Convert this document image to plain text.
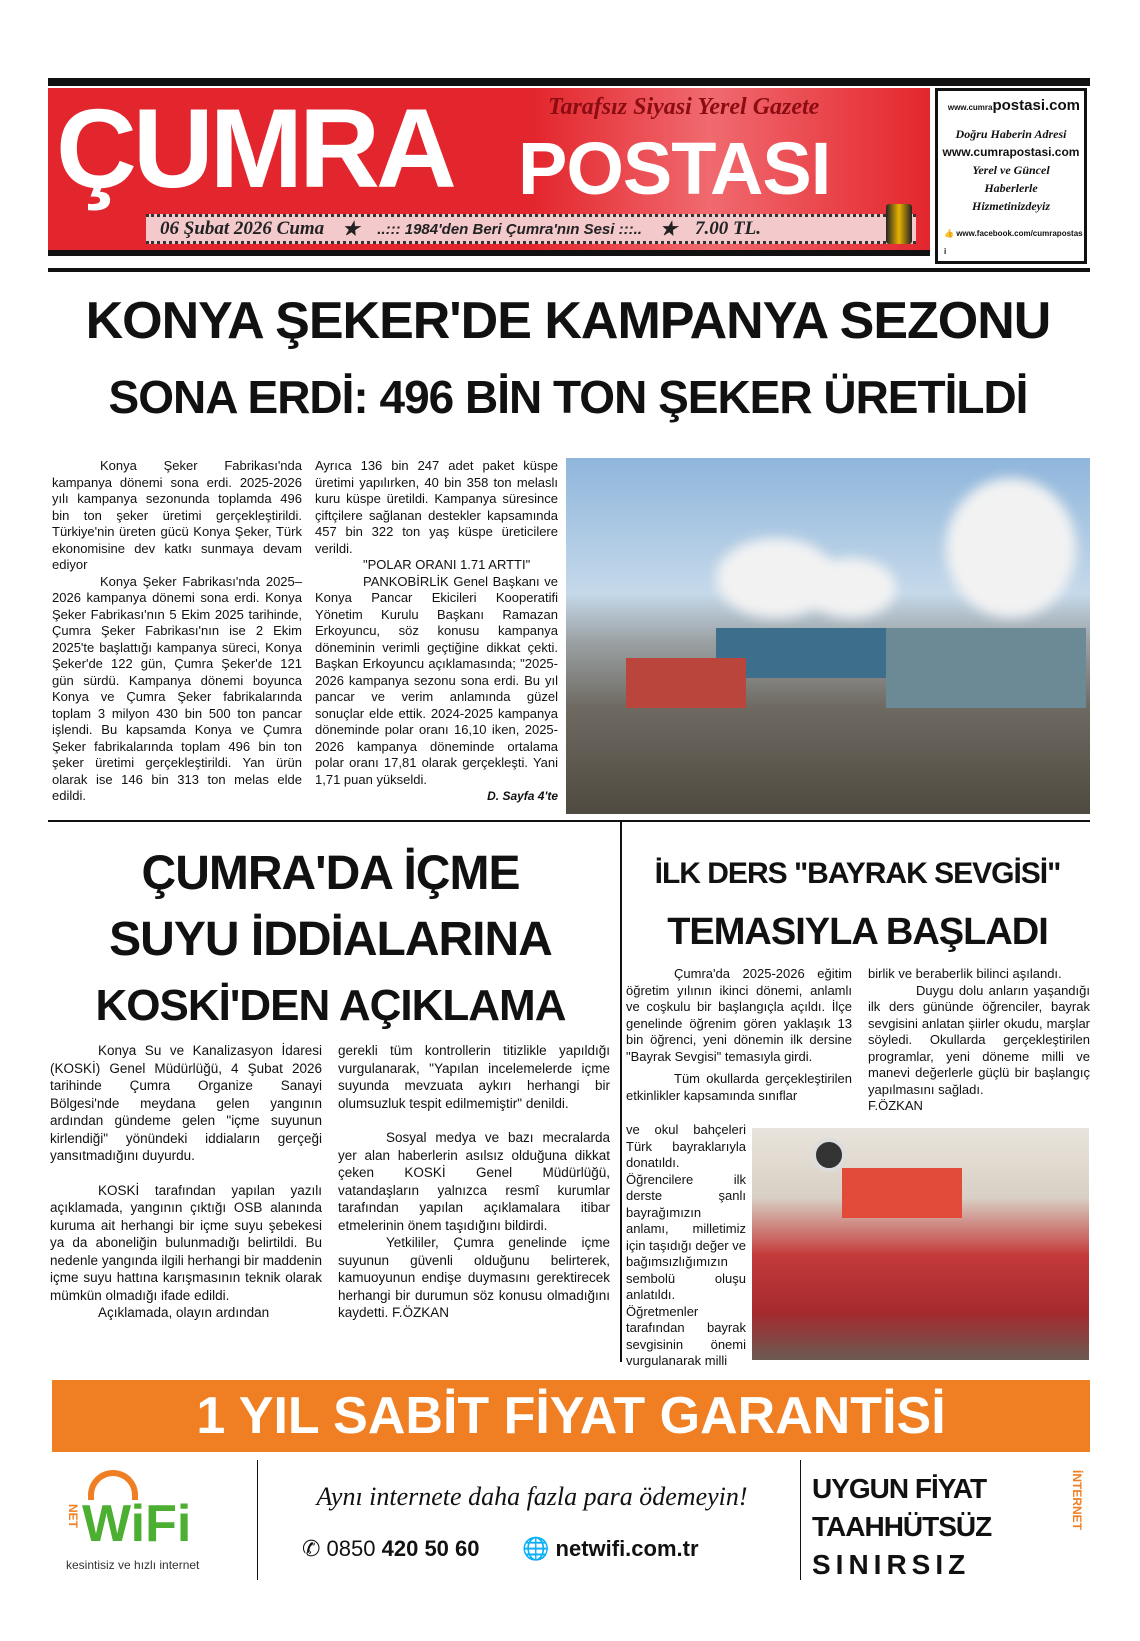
ÇUMRA	Tarafsız Siyasi Yerel Gazete
POSTASI
06 Şubat 2026 Cuma ★ ..::: 1984'den Beri Çumra'nın Sesi :::.. ★ 7.00 TL.
www.cumrapostasi.com
Doğru Haberin Adresi
www.cumrapostasi.com
Yerel ve Güncel
Haberlerle
Hizmetinizdeyiz
👍 www.facebook.com/cumrapostasi
KONYA ŞEKER'DE KAMPANYA SEZONU
SONA ERDİ: 496 BİN TON ŞEKER ÜRETİLDİ

Konya Şeker Fabrikası'nda kampanya dönemi sona erdi. 2025-2026 yılı kampanya sezonunda toplamda 496 bin ton şeker üretimi gerçekleştirildi. Türkiye'nin üreten gücü Konya Şeker, Türk ekonomisine dev katkı sunmaya devam ediyor

Konya Şeker Fabrikası'nda 2025–2026 kampanya dönemi sona erdi. Konya Şeker Fabrikası'nın 5 Ekim 2025 tarihinde, Çumra Şeker Fabrikası'nın ise 2 Ekim 2025'te başlattığı kampanya süreci, Konya Şeker'de 122 gün, Çumra Şeker'de 121 gün sürdü. Kampanya dönemi boyunca Konya ve Çumra Şeker fabrikalarında toplam 3 milyon 430 bin 500 ton pancar işlendi. Bu kapsamda Konya ve Çumra Şeker fabrikalarında toplam 496 bin ton şeker üretimi gerçekleştirildi. Yan ürün olarak ise 146 bin 313 ton melas elde edildi.

Ayrıca 136 bin 247 adet paket küspe üretimi yapılırken, 40 bin 358 ton melaslı kuru küspe üretildi. Kampanya süresince çiftçilere sağlanan destekler kapsamında 457 bin 322 ton yaş küspe üreticilere verildi.

"POLAR ORANI 1.71 ARTTI"

PANKOBİRLİK Genel Başkanı ve Konya Pancar Ekicileri Kooperatifi Yönetim Kurulu Başkanı Ramazan Erkoyuncu, söz konusu kampanya döneminin verimli geçtiğine dikkat çekti. Başkan Erkoyuncu açıklamasında; "2025-2026 kampanya sezonu sona erdi. Bu yıl pancar ve verim anlamında güzel sonuçlar elde ettik. 2024-2025 kampanya döneminde polar oranı 16,10 iken, 2025-2026 kampanya döneminde ortalama polar oranı 17,81 olarak gerçekleşti. Yani 1,71 puan yükseldi.

D. Sayfa 4'te

ÇUMRA'DA İÇME
SUYU İDDİALARINA
KOSKİ'DEN AÇIKLAMA

Konya Su ve Kanalizasyon İdaresi (KOSKİ) Genel Müdürlüğü, 4 Şubat 2026 tarihinde Çumra Organize Sanayi Bölgesi'nde meydana gelen yangının ardından gündeme gelen "içme suyunun kirlendiği" yönündeki iddiaların gerçeği yansıtmadığını duyurdu.

KOSKİ tarafından yapılan yazılı açıklamada, yangının çıktığı OSB alanında kuruma ait herhangi bir içme suyu şebekesi ya da aboneliğin bulunmadığı belirtildi. Bu nedenle yangında ilgili herhangi bir maddenin içme suyu hattına karışmasının teknik olarak mümkün olmadığı ifade edildi.

Açıklamada, olayın ardından

gerekli tüm kontrollerin titizlikle yapıldığı vurgulanarak, "Yapılan incelemelerde içme suyunda mevzuata aykırı herhangi bir olumsuzluk tespit edilmemiştir" denildi.

Sosyal medya ve bazı mecralarda yer alan haberlerin asılsız olduğuna dikkat çeken KOSKİ Genel Müdürlüğü, vatandaşların yalnızca resmî kurumlar tarafından yapılan açıklamalara itibar etmelerinin önem taşıdığını bildirdi.

Yetkililer, Çumra genelinde içme suyunun güvenli olduğunu belirterek, kamuoyunun endişe duymasını gerektirecek herhangi bir durumun söz konusu olmadığını kaydetti. F.ÖZKAN

İLK DERS "BAYRAK SEVGİSİ"
TEMASIYLA BAŞLADI

Çumra'da 2025-2026 eğitim öğretim yılının ikinci dönemi, anlamlı ve coşkulu bir başlangıçla açıldı. İlçe genelinde öğrenim gören yaklaşık 13 bin öğrenci, yeni dönemin ilk dersine "Bayrak Sevgisi" temasıyla girdi.

Tüm okullarda gerçekleştirilen etkinlikler kapsamında sınıflar

ve okul bahçeleri Türk bayraklarıyla donatıldı. Öğrencilere ilk derste şanlı bayrağımızın anlamı, milletimiz için taşıdığı değer ve bağımsızlığımızın sembolü oluşu anlatıldı. Öğretmenler tarafından bayrak sevgisinin önemi vurgulanarak milli

birlik ve beraberlik bilinci aşılandı.

Duygu dolu anların yaşandığı ilk ders gününde öğrenciler, bayrak sevgisini anlatan şiirler okudu, marşlar söyledi. Okullarda gerçekleştirilen programlar, yeni döneme milli ve manevi değerlerle güçlü bir başlangıç yapılmasını sağladı.

F.ÖZKAN

1 YIL SABİT FİYAT GARANTİSİ
NET WiFi
kesintisiz ve hızlı internet
Aynı internete daha fazla para ödemeyin!
✆ 0850 420 50 60 🌐 netwifi.com.tr
UYGUN FİYAT
TAAHHÜTSÜZ
SINIRSIZ
İNTERNET
